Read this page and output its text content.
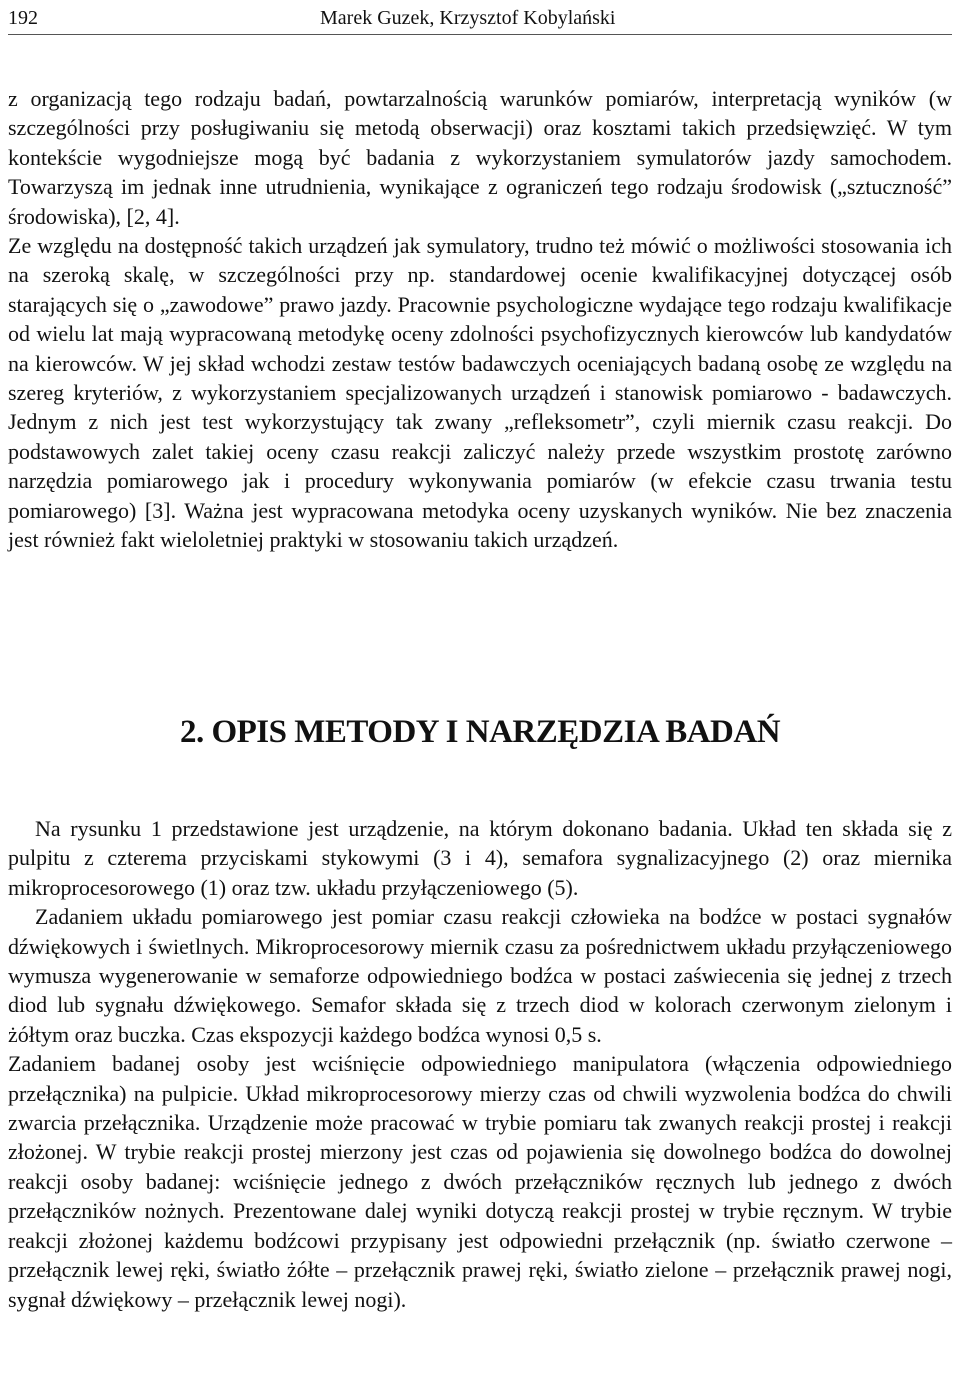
192	Marek Guzek, Krzysztof Kobylański

z organizacją tego rodzaju badań, powtarzalnością warunków pomiarów, interpretacją wyników (w szczególności przy posługiwaniu się metodą obserwacji) oraz kosztami takich przedsięwzięć. W tym kontekście wygodniejsze mogą być badania z wykorzystaniem symulatorów jazdy samochodem. Towarzyszą im jednak inne utrudnienia, wynikające z ograniczeń tego rodzaju środowisk („sztuczność” środowiska), [2, 4].

Ze względu na dostępność takich urządzeń jak symulatory, trudno też mówić o możliwości stosowania ich na szeroką skalę, w szczególności przy np. standardowej ocenie kwalifikacyjnej dotyczącej osób starających się o „zawodowe” prawo jazdy. Pracownie psychologiczne wydające tego rodzaju kwalifikacje od wielu lat mają wypracowaną metodykę oceny zdolności psychofizycznych kierowców lub kandydatów na kierowców. W jej skład wchodzi zestaw testów badawczych oceniających badaną osobę ze względu na szereg kryteriów, z wykorzystaniem specjalizowanych urządzeń i stanowisk pomiarowo - badawczych. Jednym z nich jest test wykorzystujący tak zwany „refleksometr”, czyli miernik czasu reakcji. Do podstawowych zalet takiej oceny czasu reakcji zaliczyć należy przede wszystkim prostotę zarówno narzędzia pomiarowego jak i procedury wykonywania pomiarów (w efekcie czasu trwania testu pomiarowego) [3]. Ważna jest wypracowana metodyka oceny uzyskanych wyników. Nie bez znaczenia jest również fakt wieloletniej praktyki w stosowaniu takich urządzeń.

2. OPIS METODY I NARZĘDZIA BADAŃ

Na rysunku 1 przedstawione jest urządzenie, na którym dokonano badania. Układ ten składa się z pulpitu z czterema przyciskami stykowymi (3 i 4), semafora sygnalizacyjnego (2) oraz miernika mikroprocesorowego (1) oraz tzw. układu przyłączeniowego (5).

Zadaniem układu pomiarowego jest pomiar czasu reakcji człowieka na bodźce w postaci sygnałów dźwiękowych i świetlnych. Mikroprocesorowy miernik czasu za pośrednictwem układu przyłączeniowego wymusza wygenerowanie w semaforze odpowiedniego bodźca w postaci zaświecenia się jednej z trzech diod lub sygnału dźwiękowego. Semafor składa się z trzech diod w kolorach czerwonym zielonym i żółtym oraz buczka. Czas ekspozycji każdego bodźca wynosi 0,5 s.

Zadaniem badanej osoby jest wciśnięcie odpowiedniego manipulatora (włączenia odpowiedniego przełącznika) na pulpicie. Układ mikroprocesorowy mierzy czas od chwili wyzwolenia bodźca do chwili zwarcia przełącznika. Urządzenie może pracować w trybie pomiaru tak zwanych reakcji prostej i reakcji złożonej. W trybie reakcji prostej mierzony jest czas od pojawienia się dowolnego bodźca do dowolnej reakcji osoby badanej: wciśnięcie jednego z dwóch przełączników ręcznych lub jednego z dwóch przełączników nożnych. Prezentowane dalej wyniki dotyczą reakcji prostej w trybie ręcznym. W trybie reakcji złożonej każdemu bodźcowi przypisany jest odpowiedni przełącznik (np. światło czerwone – przełącznik lewej ręki, światło żółte – przełącznik prawej ręki, światło zielone – przełącznik prawej nogi, sygnał dźwiękowy – przełącznik lewej nogi).
